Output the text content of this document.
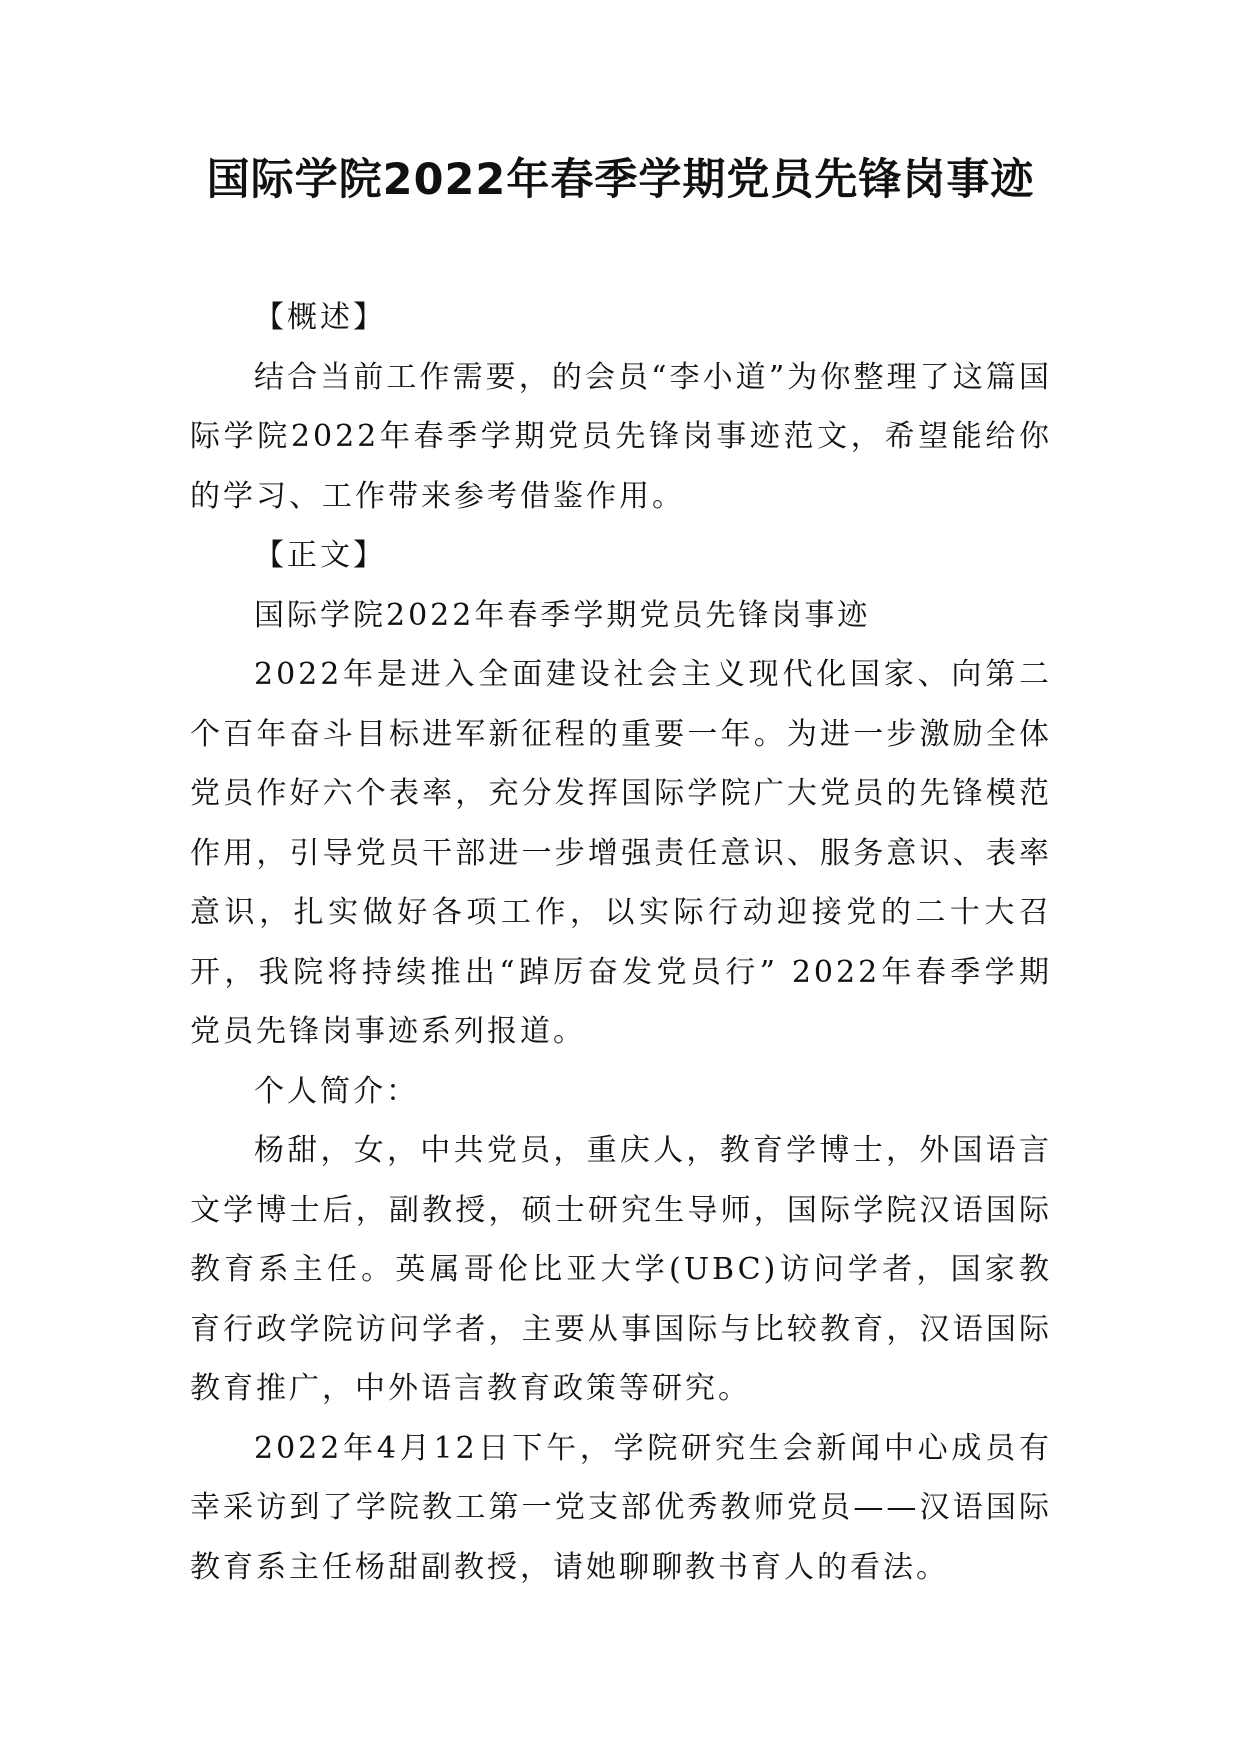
国际学院2022年春季学期党员先锋岗事迹

【概述】

结合当前工作需要，的会员“李小道”为你整理了这篇国际学院2022年春季学期党员先锋岗事迹范文，希望能给你的学习、工作带来参考借鉴作用。

【正文】

国际学院2022年春季学期党员先锋岗事迹

2022年是进入全面建设社会主义现代化国家、向第二个百年奋斗目标进军新征程的重要一年。为进一步激励全体党员作好六个表率，充分发挥国际学院广大党员的先锋模范作用，引导党员干部进一步增强责任意识、服务意识、表率意识，扎实做好各项工作，以实际行动迎接党的二十大召开，我院将持续推出“踔厉奋发党员行” 2022年春季学期党员先锋岗事迹系列报道。

个人简介：

杨甜，女，中共党员，重庆人，教育学博士，外国语言文学博士后，副教授，硕士研究生导师，国际学院汉语国际教育系主任。英属哥伦比亚大学(UBC)访问学者，国家教育行政学院访问学者，主要从事国际与比较教育，汉语国际教育推广，中外语言教育政策等研究。

2022年4月12日下午，学院研究生会新闻中心成员有幸采访到了学院教工第一党支部优秀教师党员——汉语国际教育系主任杨甜副教授，请她聊聊教书育人的看法。
